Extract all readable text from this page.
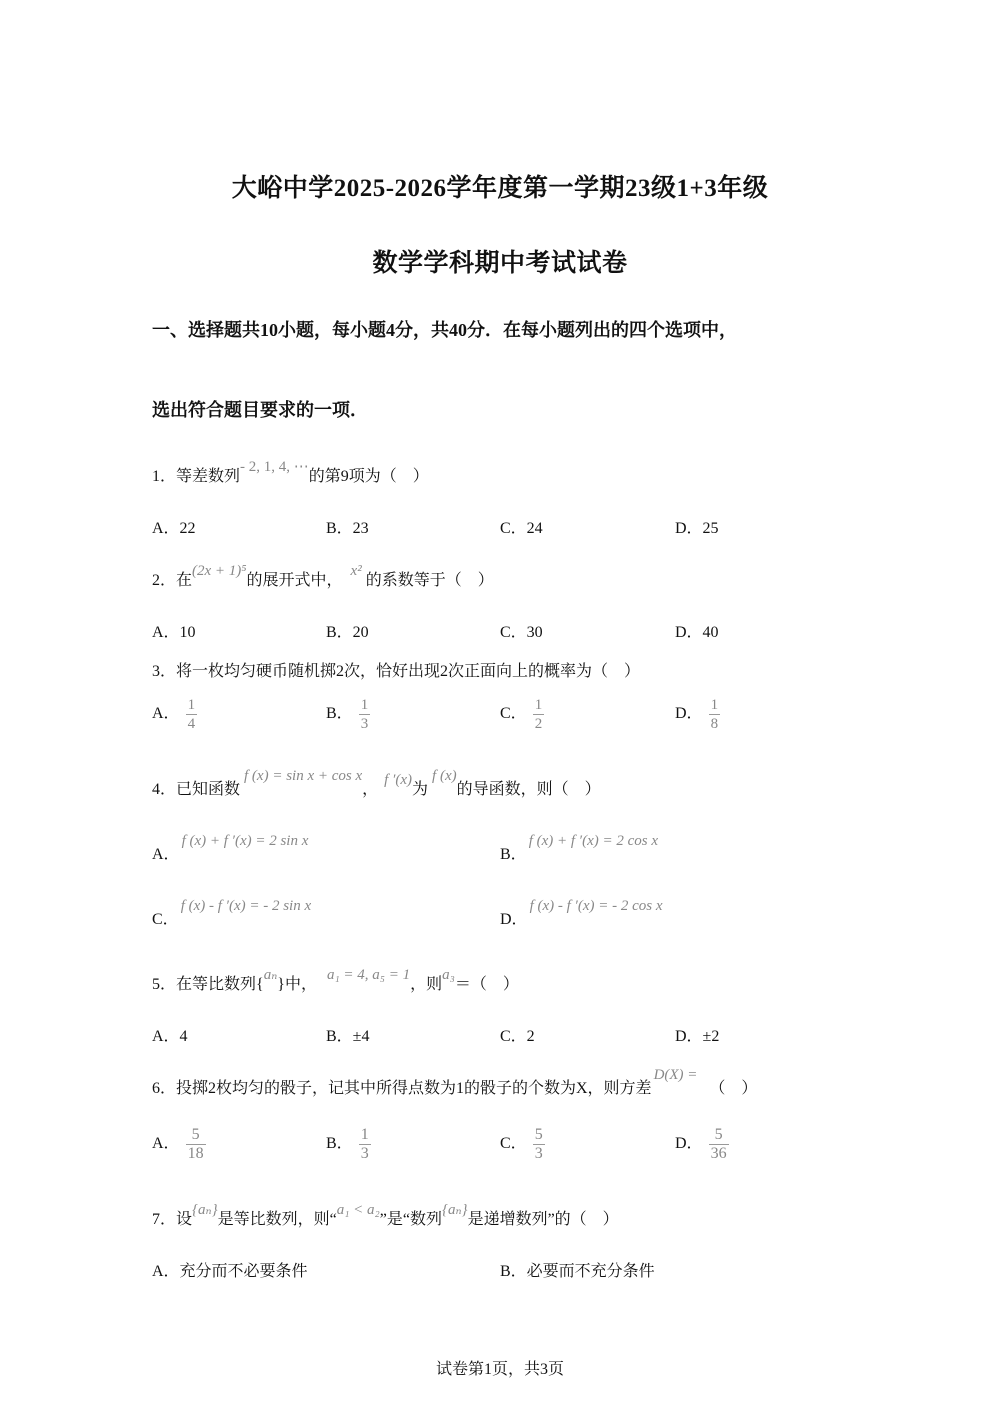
大峪中学2025-2026学年度第一学期23级1+3年级
数学学科期中考试试卷
一、选择题共10小题，每小题4分，共40分．在每小题列出的四个选项中，
选出符合题目要求的一项．
1．等差数列- 2, 1, 4, ⋯的第9项为（　）
A．22	B．23	C．24	D．25
2．在(2x + 1)⁵的展开式中，x²的系数等于（　）
A．10	B．20	C．30	D．40
3．将一枚均匀硬币随机掷2次，恰好出现2次正面向上的概率为（　）
A． $\frac{1}{4}$	B． $\frac{1}{3}$	C． $\frac{1}{2}$	D． $\frac{1}{8}$
4．已知函数f (x) = sin x + cos x，f ′(x)为f (x)的导函数，则（　）
A．f (x) + f ′(x) = 2 sin x
B．f (x) + f ′(x) = 2 cos x
C．f (x) - f ′(x) = - 2 sin x
D．f (x) - f ′(x) = - 2 cos x
5．在等比数列{aₙ}中，a₁ = 4, a₅ = 1，则a₃＝（　）
A．4	B．±4	C．2	D．±2
6．投掷2枚均匀的骰子，记其中所得点数为1的骰子的个数为X，则方差D(X) =（　）
A． $\frac{5}{18}$	B． $\frac{1}{3}$	C． $\frac{5}{3}$	D． $\frac{5}{36}$
7．设{aₙ}是等比数列，则“a₁ < a₂”是“数列{aₙ}是递增数列”的（　）
A．充分而不必要条件	B．必要而不充分条件
试卷第1页，共3页
